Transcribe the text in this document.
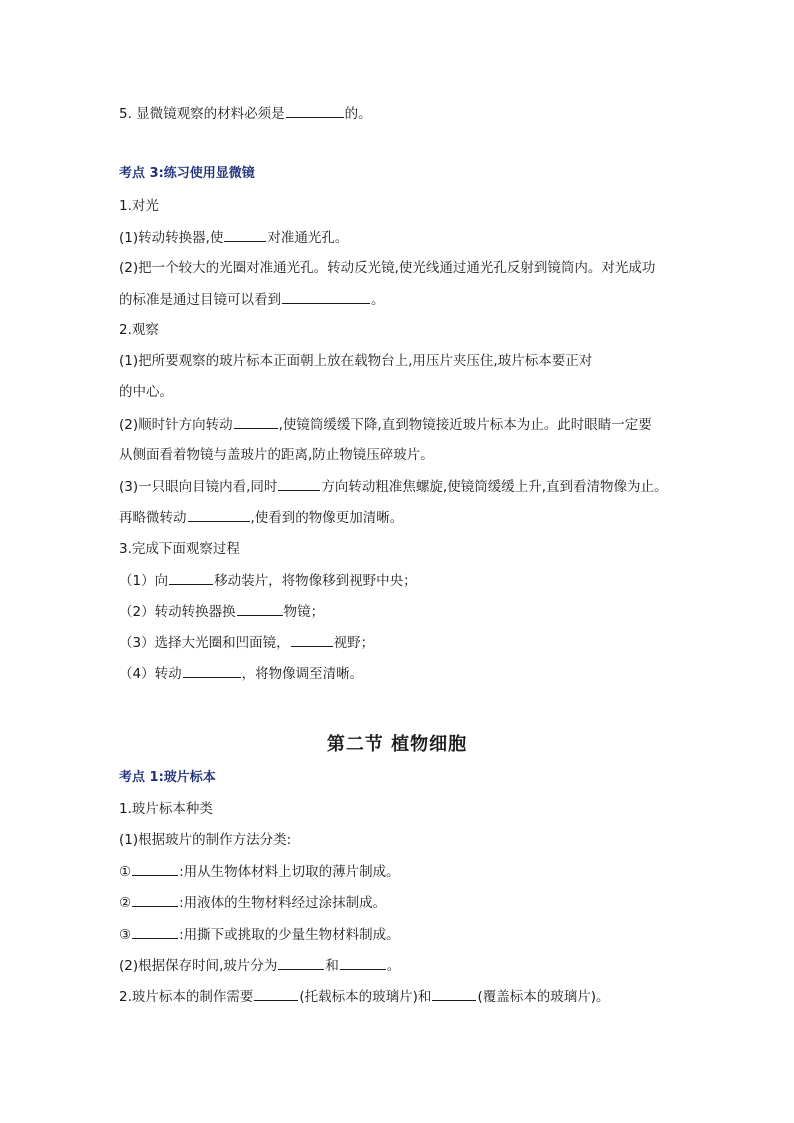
5. 显微镜观察的材料必须是	的。
考点 3:练习使用显微镜
1.对光
(1)转动转换器,使	对准通光孔。
(2)把一个较大的光圈对准通光孔。转动反光镜,使光线通过通光孔反射到镜筒内。对光成功
的标准是通过目镜可以看到	。
2.观察
(1)把所要观察的玻片标本正面朝上放在载物台上,用压片夹压住,玻片标本要正对
的中心。
(2)顺时针方向转动	,使镜筒缓缓下降,直到物镜接近玻片标本为止。此时眼睛一定要
从侧面看着物镜与盖玻片的距离,防止物镜压碎玻片。
(3)一只眼向目镜内看,同时	方向转动粗准焦螺旋,使镜筒缓缓上升,直到看清物像为止。
再略微转动	,使看到的物像更加清晰。
3.完成下面观察过程
（1）向	移动装片，将物像移到视野中央；
（2）转动转换器换	物镜；
（3）选择大光圈和凹面镜，	视野；
（4）转动	，将物像调至清晰。
第二节 植物细胞
考点 1:玻片标本
1.玻片标本种类
(1)根据玻片的制作方法分类:
①	:用从生物体材料上切取的薄片制成。
②	:用液体的生物材料经过涂抹制成。
③	:用撕下或挑取的少量生物材料制成。
(2)根据保存时间,玻片分为	和	。
2.玻片标本的制作需要	(托载标本的玻璃片)和	(覆盖标本的玻璃片)。
